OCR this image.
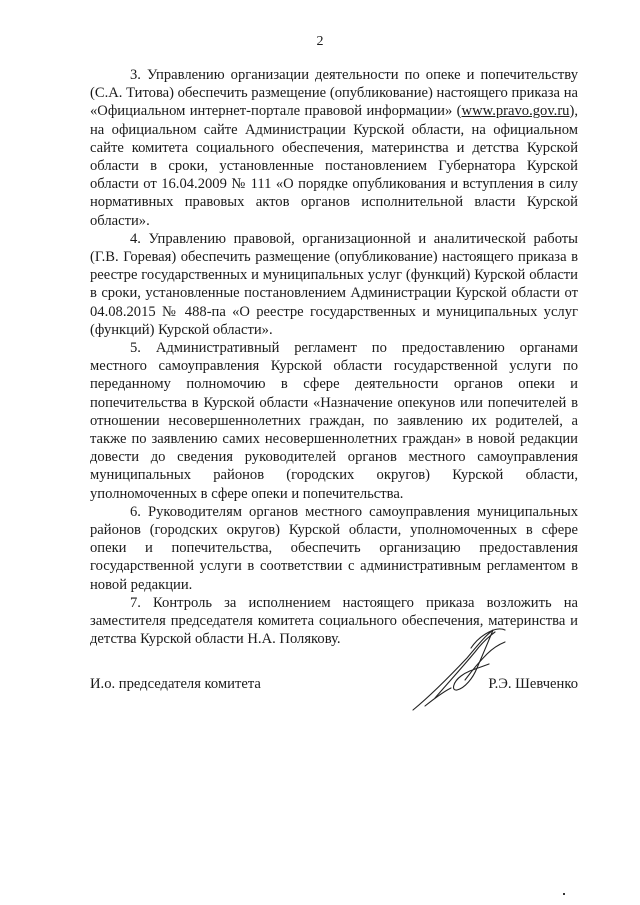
2

3. Управлению организации деятельности по опеке и попечительству (С.А. Титова) обеспечить размещение (опубликование) настоящего приказа на «Официальном интернет-портале правовой информации» (www.pravo.gov.ru), на официальном сайте Администрации Курской области, на официальном сайте комитета социального обеспечения, материнства и детства Курской области в сроки, установленные постановлением Губернатора Курской области от 16.04.2009 № 111 «О порядке опубликования и вступления в силу нормативных правовых актов органов исполнительной власти Курской области».

4. Управлению правовой, организационной и аналитической работы (Г.В. Горевая) обеспечить размещение (опубликование) настоящего приказа в реестре государственных и муниципальных услуг (функций) Курской области в сроки, установленные постановлением Администрации Курской области от 04.08.2015 № 488-па «О реестре государственных и муниципальных услуг (функций) Курской области».

5. Административный регламент по предоставлению органами местного самоуправления Курской области государственной услуги по переданному полномочию в сфере деятельности органов опеки и попечительства в Курской области «Назначение опекунов или попечителей в отношении несовершеннолетних граждан, по заявлению их родителей, а также по заявлению самих несовершеннолетних граждан» в новой редакции довести до сведения руководителей органов местного самоуправления муниципальных районов (городских округов) Курской области, уполномоченных в сфере опеки и попечительства.

6. Руководителям органов местного самоуправления муниципальных районов (городских округов) Курской области, уполномоченных в сфере опеки и попечительства, обеспечить организацию предоставления государственной услуги в соответствии с административным регламентом в новой редакции.

7. Контроль за исполнением настоящего приказа возложить на заместителя председателя комитета социального обеспечения, материнства и детства Курской области Н.А. Полякову.

И.о. председателя комитета	Р.Э. Шевченко
